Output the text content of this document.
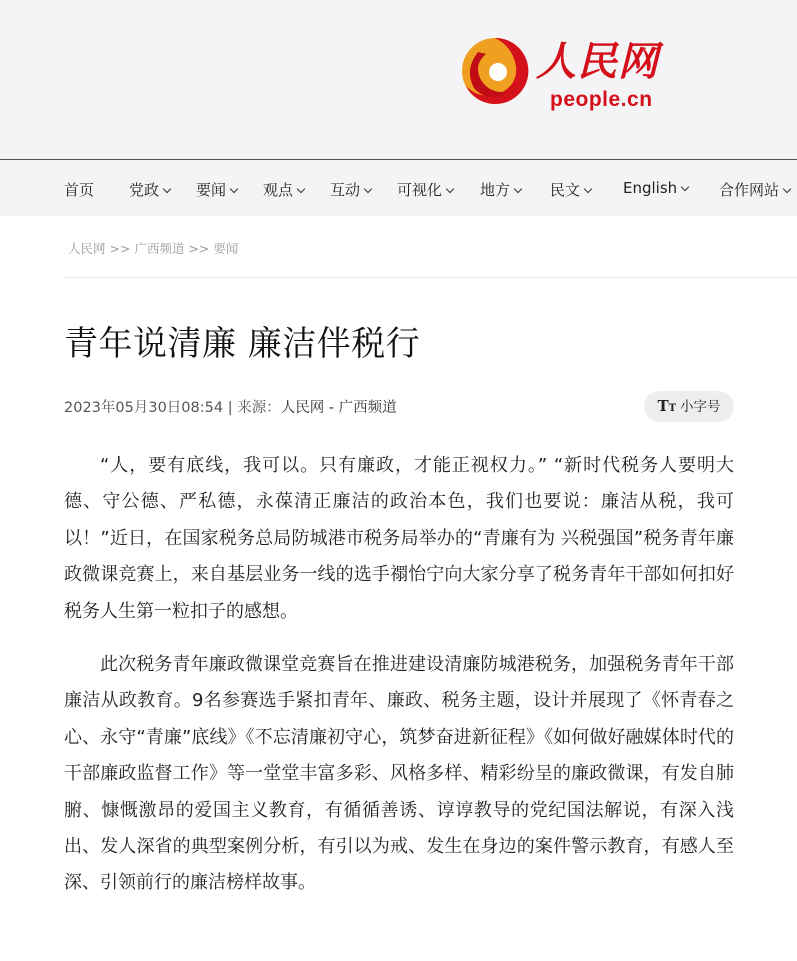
人民网
people.cn
首页 党政	要闻	观点	互动	可视化	地方	民文	English	合作网站
人民网 >> 广西频道 >> 要闻
青年说清廉 廉洁伴税行
2023年05月30日08:54 | 来源：人民网 - 广西频道	TT 小字号

“人，要有底线，我可以。只有廉政，才能正视权力。” “新时代税务人要明大德、守公德、严私德，永葆清正廉洁的政治本色，我们也要说：廉洁从税，我可以！”近日，在国家税务总局防城港市税务局举办的“青廉有为 兴税强国”税务青年廉政微课竞赛上，来自基层业务一线的选手禤怡宁向大家分享了税务青年干部如何扣好税务人生第一粒扣子的感想。

此次税务青年廉政微课堂竞赛旨在推进建设清廉防城港税务，加强税务青年干部廉洁从政教育。9名参赛选手紧扣青年、廉政、税务主题，设计并展现了《怀青春之心、永守“青廉”底线》《不忘清廉初守心，筑梦奋进新征程》《如何做好融媒体时代的干部廉政监督工作》等一堂堂丰富多彩、风格多样、精彩纷呈的廉政微课，有发自肺腑、慷慨激昂的爱国主义教育，有循循善诱、谆谆教导的党纪国法解说，有深入浅出、发人深省的典型案例分析，有引以为戒、发生在身边的案件警示教育，有感人至深、引领前行的廉洁榜样故事。
